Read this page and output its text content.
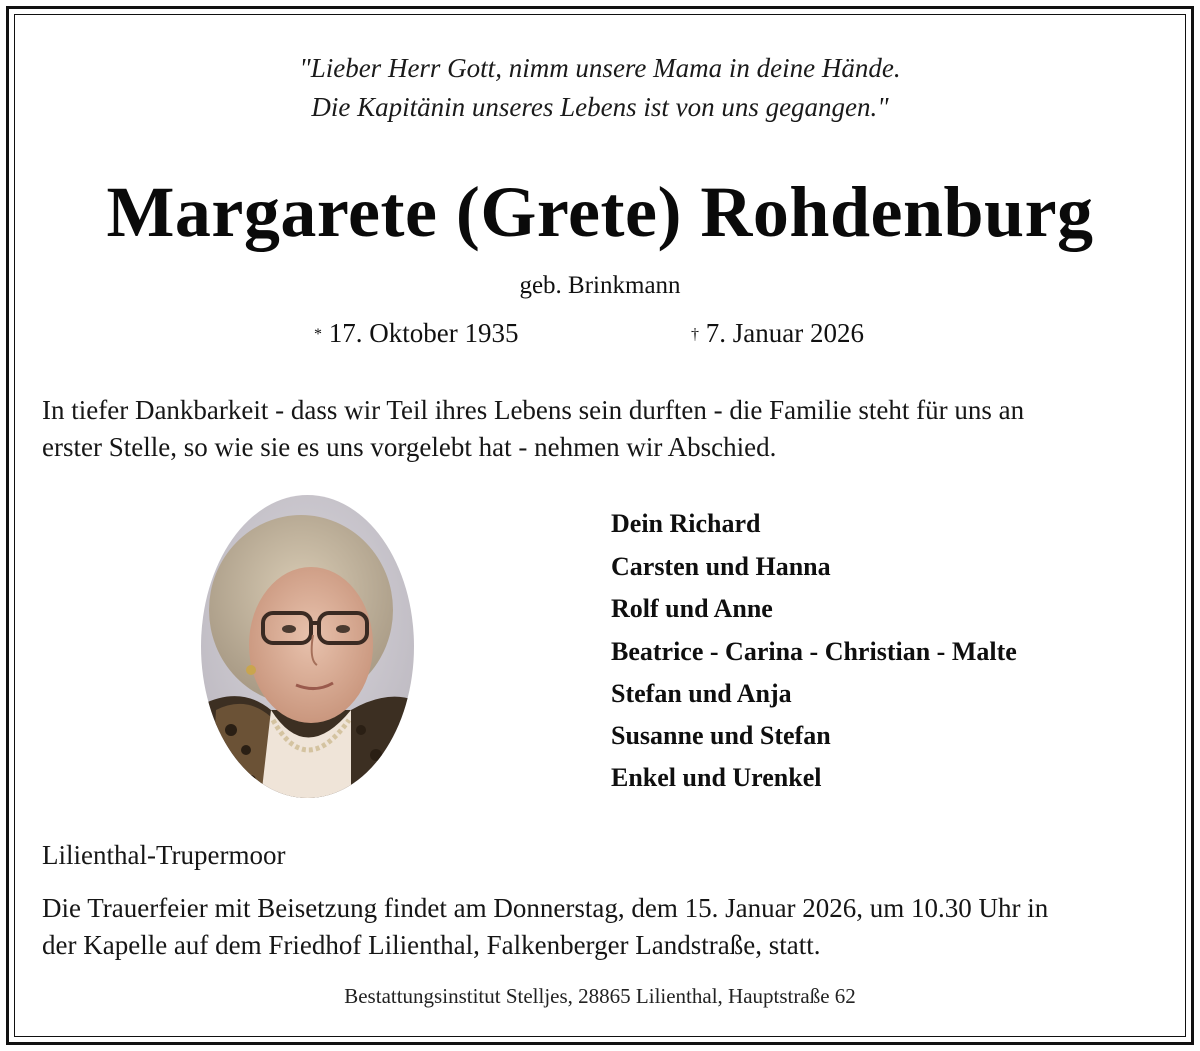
"Lieber Herr Gott, nimm unsere Mama in deine Hände.
Die Kapitänin unseres Lebens ist von uns gegangen."
Margarete (Grete) Rohdenburg
geb. Brinkmann
* 17. Oktober 1935	† 7. Januar 2026
In tiefer Dankbarkeit - dass wir Teil ihres Lebens sein durften - die Familie steht für uns an
erster Stelle, so wie sie es uns vorgelebt hat - nehmen wir Abschied.
Dein Richard
Carsten und Hanna
Rolf und Anne
Beatrice - Carina - Christian - Malte
Stefan und Anja
Susanne und Stefan
Enkel und Urenkel
Lilienthal-Trupermoor
Die Trauerfeier mit Beisetzung findet am Donnerstag, dem 15. Januar 2026, um 10.30 Uhr in
der Kapelle auf dem Friedhof Lilienthal, Falkenberger Landstraße, statt.
Bestattungsinstitut Stelljes, 28865 Lilienthal, Hauptstraße 62
